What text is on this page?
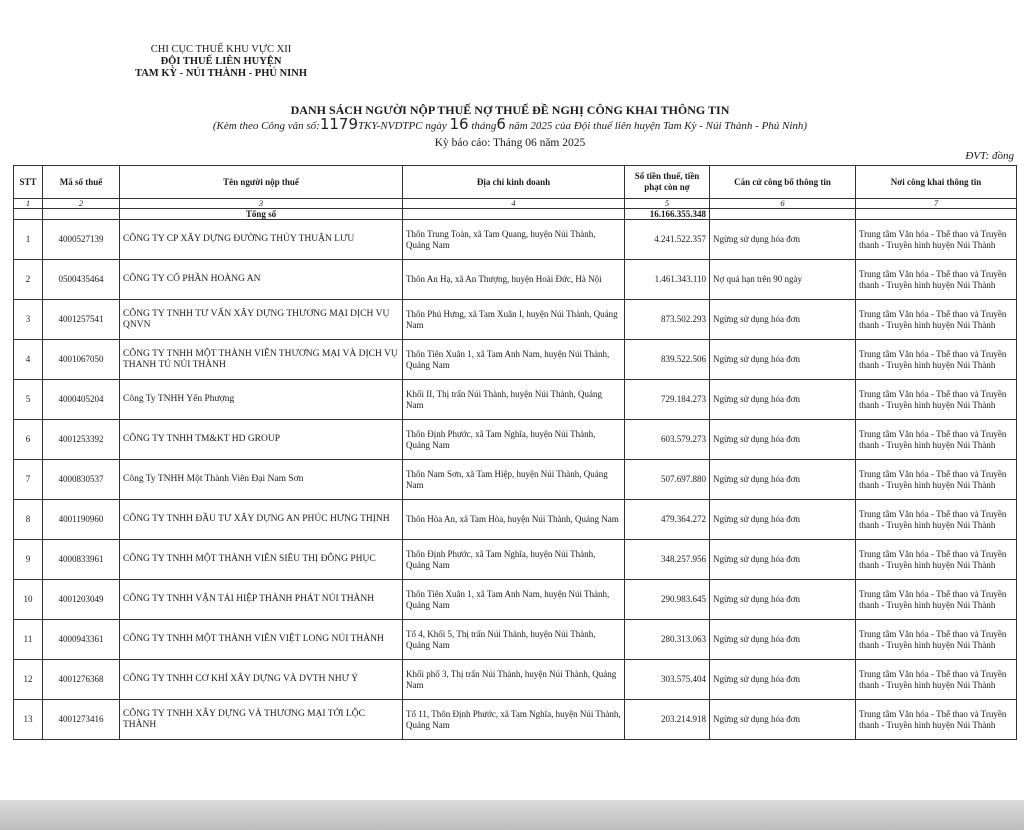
CHI CỤC THUẾ KHU VỰC XII
ĐỘI THUẾ LIÊN HUYỆN
TAM KỲ - NÚI THÀNH - PHÚ NINH
DANH SÁCH NGƯỜI NỘP THUẾ NỢ THUẾ ĐỀ NGHỊ CÔNG KHAI THÔNG TIN
(Kèm theo Công văn số:1179TKY-NVDTPC ngày 16 tháng6 năm 2025 của Đội thuế liên huyện Tam Kỳ - Núi Thành - Phú Ninh)
Kỳ báo cáo: Tháng 06 năm 2025
ĐVT: đồng
STT	Mã số thuế	Tên người nộp thuế	Địa chỉ kinh doanh	Số tiền thuế, tiền phạt còn nợ	Căn cứ công bố thông tin	Nơi công khai thông tin
1	2	3	4	5	6	7
		Tổng số		16.166.355.348		
1	4000527139	CÔNG TY CP XÂY DỰNG ĐƯỜNG THỦY THUẬN LƯU	Thôn Trung Toàn, xã Tam Quang, huyện Núi Thành, Quảng Nam	4.241.522.357	Ngừng sử dụng hóa đơn	Trung tâm Văn hóa - Thể thao và Truyền thanh - Truyền hình huyện Núi Thành
2	0500435464	CÔNG TY CỔ PHẦN HOÀNG AN	Thôn An Hạ, xã An Thượng, huyện Hoài Đức, Hà Nội	1.461.343.110	Nợ quá hạn trên 90 ngày	Trung tâm Văn hóa - Thể thao và Truyền thanh - Truyền hình huyện Núi Thành
3	4001257541	CÔNG TY TNHH TƯ VẤN XÂY DỰNG THƯƠNG MẠI DỊCH VỤ QNVN	Thôn Phú Hưng, xã Tam Xuân I, huyện Núi Thành, Quảng Nam	873.502.293	Ngừng sử dụng hóa đơn	Trung tâm Văn hóa - Thể thao và Truyền thanh - Truyền hình huyện Núi Thành
4	4001067050	CÔNG TY TNHH MỘT THÀNH VIÊN THƯƠNG MẠI VÀ DỊCH VỤ THANH TÚ NÚI THÀNH	Thôn Tiên Xuân 1, xã Tam Anh Nam, huyện Núi Thành, Quảng Nam	839.522.506	Ngừng sử dụng hóa đơn	Trung tâm Văn hóa - Thể thao và Truyền thanh - Truyền hình huyện Núi Thành
5	4000405204	Công Ty TNHH Yến Phượng	Khối II, Thị trấn Núi Thành, huyện Núi Thành, Quảng Nam	729.184.273	Ngừng sử dụng hóa đơn	Trung tâm Văn hóa - Thể thao và Truyền thanh - Truyền hình huyện Núi Thành
6	4001253392	CÔNG TY TNHH TM&KT HD GROUP	Thôn Định Phước, xã Tam Nghĩa, huyện Núi Thành, Quảng Nam	603.579.273	Ngừng sử dụng hóa đơn	Trung tâm Văn hóa - Thể thao và Truyền thanh - Truyền hình huyện Núi Thành
7	4000830537	Công Ty TNHH Một Thành Viên Đại Nam Sơn	Thôn Nam Sơn, xã Tam Hiệp, huyện Núi Thành, Quảng Nam	507.697.880	Ngừng sử dụng hóa đơn	Trung tâm Văn hóa - Thể thao và Truyền thanh - Truyền hình huyện Núi Thành
8	4001190960	CÔNG TY TNHH ĐẦU TƯ XÂY DỰNG AN PHÚC HƯNG THỊNH	Thôn Hòa An, xã Tam Hòa, huyện Núi Thành, Quảng Nam	479.364.272	Ngừng sử dụng hóa đơn	Trung tâm Văn hóa - Thể thao và Truyền thanh - Truyền hình huyện Núi Thành
9	4000833961	CÔNG TY TNHH MỘT THÀNH VIÊN SIÊU THỊ ĐÔNG PHỤC	Thôn Định Phước, xã Tam Nghĩa, huyện Núi Thành, Quảng Nam	348.257.956	Ngừng sử dụng hóa đơn	Trung tâm Văn hóa - Thể thao và Truyền thanh - Truyền hình huyện Núi Thành
10	4001203049	CÔNG TY TNHH VẬN TẢI HIỆP THÀNH PHÁT NÚI THÀNH	Thôn Tiên Xuân 1, xã Tam Anh Nam, huyện Núi Thành, Quảng Nam	290.983.645	Ngừng sử dụng hóa đơn	Trung tâm Văn hóa - Thể thao và Truyền thanh - Truyền hình huyện Núi Thành
11	4000943361	CÔNG TY TNHH MỘT THÀNH VIÊN VIỆT LONG NÚI THÀNH	Tổ 4, Khối 5, Thị trấn Núi Thành, huyện Núi Thành, Quảng Nam	280.313.063	Ngừng sử dụng hóa đơn	Trung tâm Văn hóa - Thể thao và Truyền thanh - Truyền hình huyện Núi Thành
12	4001276368	CÔNG TY TNHH CƠ KHÍ XÂY DỰNG VÀ DVTH NHƯ Ý	Khối phố 3, Thị trấn Núi Thành, huyện Núi Thành, Quảng Nam	303.575.404	Ngừng sử dụng hóa đơn	Trung tâm Văn hóa - Thể thao và Truyền thanh - Truyền hình huyện Núi Thành
13	4001273416	CÔNG TY TNHH XÂY DỰNG VÀ THƯƠNG MẠI TỚI LỘC THÀNH	Tổ 11, Thôn Định Phước, xã Tam Nghĩa, huyện Núi Thành, Quảng Nam	203.214.918	Ngừng sử dụng hóa đơn	Trung tâm Văn hóa - Thể thao và Truyền thanh - Truyền hình huyện Núi Thành
